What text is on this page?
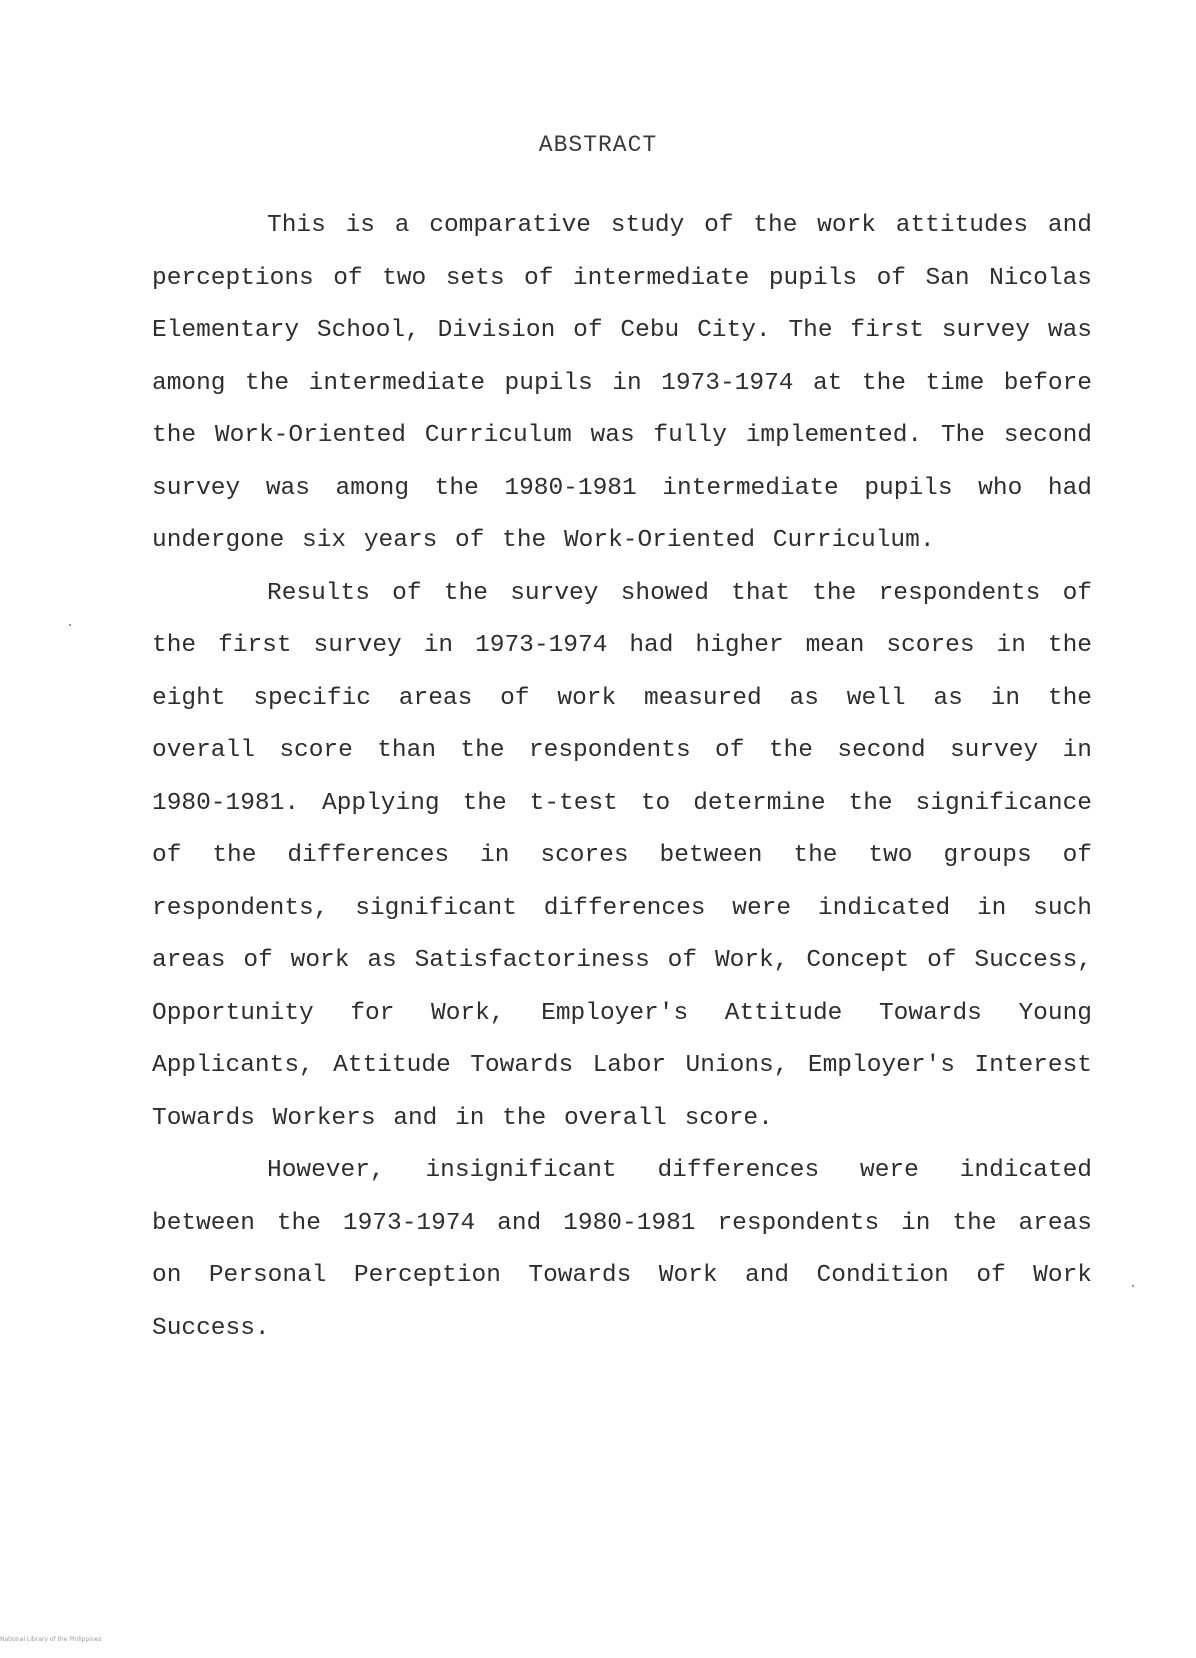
ABSTRACT

This is a comparative study of the work attitudes and perceptions of two sets of intermediate pupils of San Nicolas Elementary School, Division of Cebu City. The first survey was among the intermediate pupils in 1973-1974 at the time before the Work-Oriented Curriculum was fully implemented. The second survey was among the 1980-1981 intermediate pupils who had undergone six years of the Work-Oriented Curriculum.

Results of the survey showed that the respondents of the first survey in 1973-1974 had higher mean scores in the eight specific areas of work measured as well as in the overall score than the respondents of the second survey in 1980-1981. Applying the t-test to determine the significance of the differences in scores between the two groups of respondents, significant differences were indicated in such areas of work as Satisfactoriness of Work, Concept of Success, Opportunity for Work, Employer's Attitude Towards Young Applicants, Attitude Towards Labor Unions, Employer's Interest Towards Workers and in the overall score.

However, insignificant differences were indicated between the 1973-1974 and 1980-1981 respondents in the areas on Personal Perception Towards Work and Condition of Work Success.

National Library of the Philippines
